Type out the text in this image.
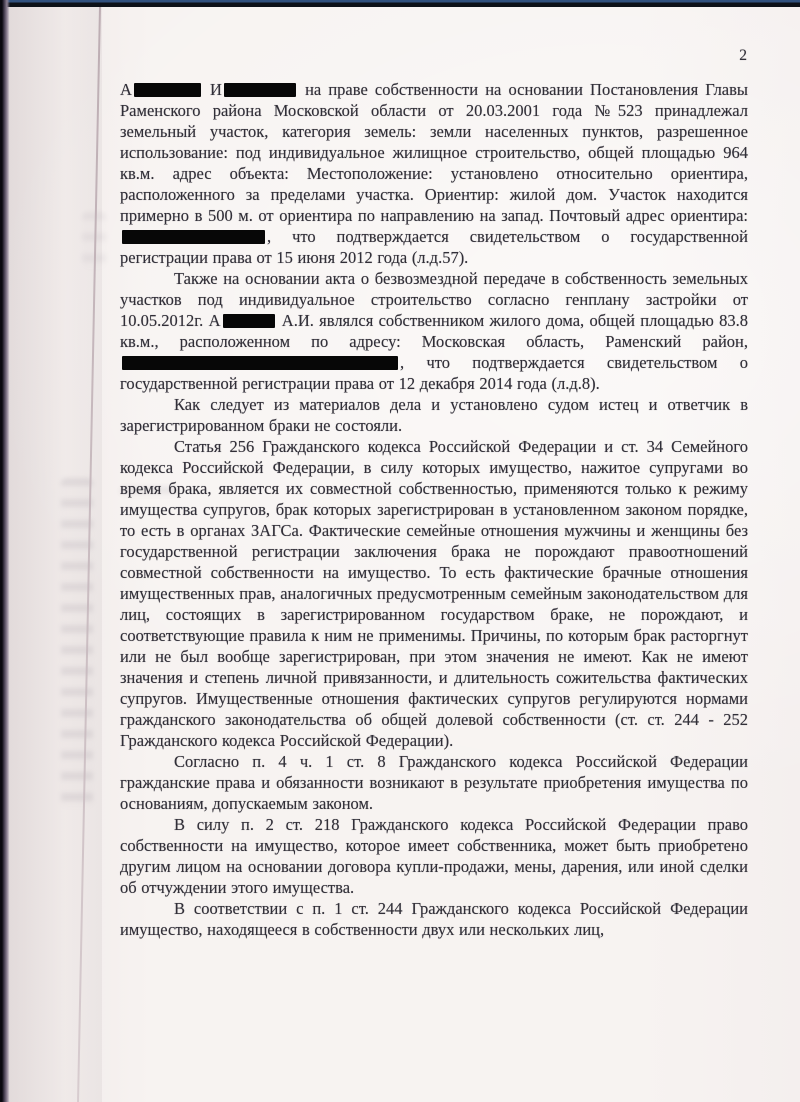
2

А	И	на праве собственности на основании Постановления Главы Раменского района Московской области от 20.03.2001 года №523 принадлежал земельный участок, категория земель: земли населенных пунктов, разрешенное использование: под индивидуальное жилищное строительство, общей площадью 964 кв.м. адрес объекта: Местоположение: установлено относительно ориентира, расположенного за пределами участка. Ориентир: жилой дом. Участок находится примерно в 500 м. от ориентира по направлению на запад. Почтовый адрес ориентира: , что подтверждается свидетельством о государственной регистрации права от 15 июня 2012 года (л.д.57).

Также на основании акта о безвозмездной передаче в собственность земельных участков под индивидуальное строительство согласно генплану застройки от 10.05.2012г. А	А.И. являлся собственником жилого дома, общей площадью 83.8 кв.м., расположенном по адресу: Московская область, Раменский район, , что подтверждается свидетельством о государственной регистрации права от 12 декабря 2014 года (л.д.8).

Как следует из материалов дела и установлено судом истец и ответчик в зарегистрированном браки не состояли.

Статья 256 Гражданского кодекса Российской Федерации и ст. 34 Семейного кодекса Российской Федерации, в силу которых имущество, нажитое супругами во время брака, является их совместной собственностью, применяются только к режиму имущества супругов, брак которых зарегистрирован в установленном законом порядке, то есть в органах ЗАГСа. Фактические семейные отношения мужчины и женщины без государственной регистрации заключения брака не порождают правоотношений совместной собственности на имущество. То есть фактические брачные отношения имущественных прав, аналогичных предусмотренным семейным законодательством для лиц, состоящих в зарегистрированном государством браке, не порождают, и соответствующие правила к ним не применимы. Причины, по которым брак расторгнут или не был вообще зарегистрирован, при этом значения не имеют. Как не имеют значения и степень личной привязанности, и длительность сожительства фактических супругов. Имущественные отношения фактических супругов регулируются нормами гражданского законодательства об общей долевой собственности (ст. ст. 244 - 252 Гражданского кодекса Российской Федерации).

Согласно п. 4 ч. 1 ст. 8 Гражданского кодекса Российской Федерации гражданские права и обязанности возникают в результате приобретения имущества по основаниям, допускаемым законом.

В силу п. 2 ст. 218 Гражданского кодекса Российской Федерации право собственности на имущество, которое имеет собственника, может быть приобретено другим лицом на основании договора купли-продажи, мены, дарения, или иной сделки об отчуждении этого имущества.

В соответствии с п. 1 ст. 244 Гражданского кодекса Российской Федерации имущество, находящееся в собственности двух или нескольких лиц,
